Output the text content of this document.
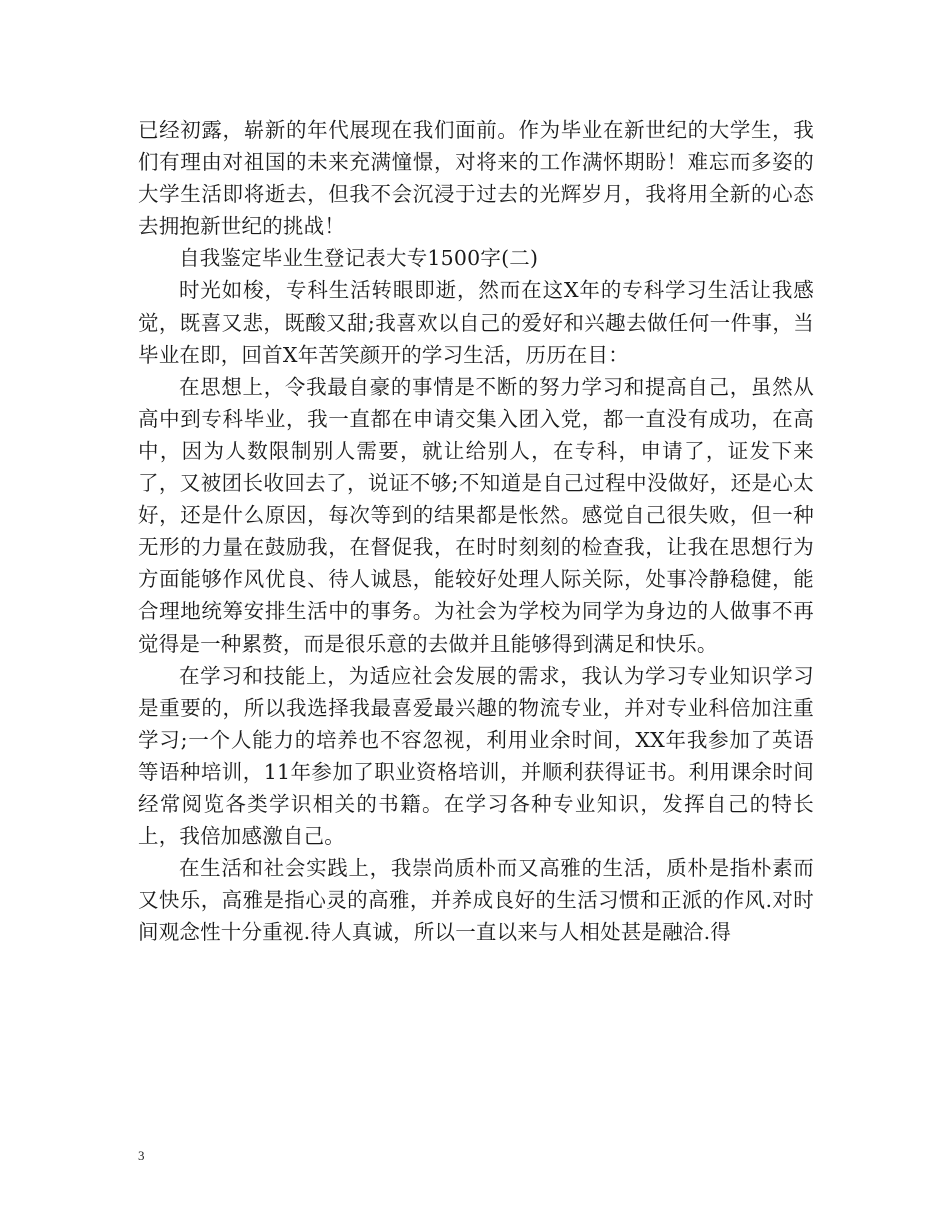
已经初露，崭新的年代展现在我们面前。作为毕业在新世纪的大学生，我们有理由对祖国的未来充满憧憬，对将来的工作满怀期盼！难忘而多姿的大学生活即将逝去，但我不会沉浸于过去的光辉岁月，我将用全新的心态去拥抱新世纪的挑战！

自我鉴定毕业生登记表大专1500字(二)

时光如梭，专科生活转眼即逝，然而在这X年的专科学习生活让我感觉，既喜又悲，既酸又甜;我喜欢以自己的爱好和兴趣去做任何一件事，当毕业在即，回首X年苦笑颜开的学习生活，历历在目：

在思想上，令我最自豪的事情是不断的努力学习和提高自己，虽然从高中到专科毕业，我一直都在申请交集入团入党，都一直没有成功，在高中，因为人数限制别人需要，就让给别人，在专科，申请了，证发下来了，又被团长收回去了，说证不够;不知道是自己过程中没做好，还是心太好，还是什么原因，每次等到的结果都是怅然。感觉自己很失败，但一种无形的力量在鼓励我，在督促我，在时时刻刻的检查我，让我在思想行为方面能够作风优良、待人诚恳，能较好处理人际关际，处事冷静稳健，能合理地统筹安排生活中的事务。为社会为学校为同学为身边的人做事不再觉得是一种累赘，而是很乐意的去做并且能够得到满足和快乐。

在学习和技能上，为适应社会发展的需求，我认为学习专业知识学习是重要的，所以我选择我最喜爱最兴趣的物流专业，并对专业科倍加注重学习;一个人能力的培养也不容忽视，利用业余时间，XX年我参加了英语等语种培训，11年参加了职业资格培训，并顺利获得证书。利用课余时间经常阅览各类学识相关的书籍。在学习各种专业知识，发挥自己的特长上，我倍加感激自己。

在生活和社会实践上，我崇尚质朴而又高雅的生活，质朴是指朴素而又快乐，高雅是指心灵的高雅，并养成良好的生活习惯和正派的作风.对时间观念性十分重视.待人真诚，所以一直以来与人相处甚是融洽.得

3
